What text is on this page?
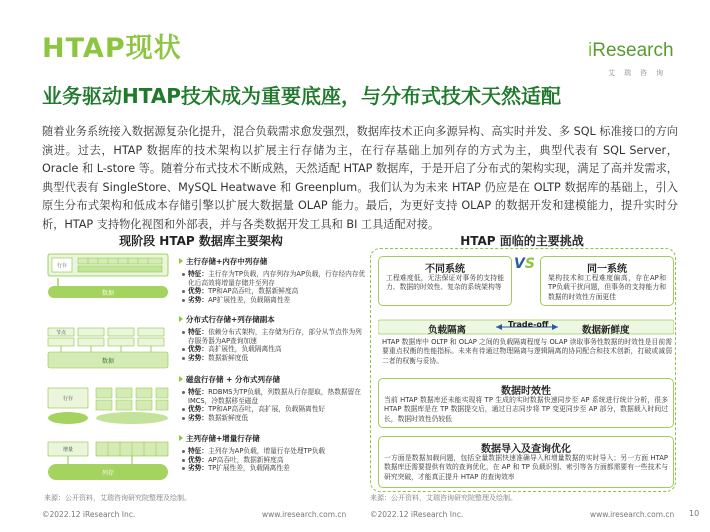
HTAP现状
业务驱动HTAP技术成为重要底座，与分布式技术天然适配
iResearch
艾瑞咨询
随着业务系统接入数据源复杂化提升，混合负载需求愈发强烈，数据库技术正向多源异构、高实时并发、多 SQL 标准接口的方向演进。过去，HTAP 数据库的技术架构以扩展主行存储为主，在行存基础上加列存的方式为主，典型代表有 SQL Server，Oracle 和 L-store 等。随着分布式技术不断成熟，天然适配 HTAP 数据库，于是开启了分布式的架构实现，满足了高并发需求，典型代表有 SingleStore、MySQL Heatwave 和 Greenplum。我们认为为未来 HTAP 仍应是在 OLTP 数据库的基础上，引入原生分布式架构和低成本存储引擎以扩展大数据量 OLAP 能力。最后，为更好支持 OLAP 的数据开发和建模能力，提升实时分析，HTAP 支持物化视图和外部表，并与各类数据开发工具和 BI 工具适配对接。
现阶段 HTAP 数据库主要架构
数据
行存
节点
数据
行存
增量
列存
主行存储+内存中列存储
特征：主行存为TP负载，内存列存为AP负载，行存经内存优化后高效将增量存储并至列存
优势：TP和AP高吞吐，数据新鲜度高
劣势：AP扩展性差，负载隔离性差
分布式行存储+列存储副本
特征：依赖分布式架构，主存储为行存，部分从节点作为列存服务器为AP查询加速
优势：高扩展性，负载隔离性高
劣势：数据新鲜度低
磁盘行存储 + 分布式列存储
特征：RDBMS为TP负载，列数据从行存提取，热数据留在 IMCS，冷数据移至磁盘
优势：TP和AP高吞吐，高扩展，负载隔离性好
劣势：数据新鲜度低
主列存储+增量行存储
特征：主列存为AP负载，增量行存处理TP负载
优势：AP高吞吐，数据新鲜度高
劣势：TP扩展性差，负载隔离性差
来源：公开资料，艾瑞咨询研究院整理及绘制。
HTAP 面临的主要挑战
不同系统
工程难度低，无法保证对事务的支持能力、数据的时效性、复杂的系统架构等
VS	同一系统
架构技术和工程难度偏高，存在AP和TP负载干扰问题，但事务的支持能力和数据的时效性方面更佳
负载隔离
Trade-off
数据新鲜度
HTAP 数据库中 OLTP 和 OLAP 之间的负载隔离程度与 OLAP 读取事务性数据的时效性是目前需要重点权衡的性能指标。未来有待通过物理隔离与逻辑隔离的协同配合和技术创新，打破或减弱二者的权衡与妥协。
数据时效性
当前 HTAP 数据库还未能实现将 TP 生成的实时数据快速同步至 AP 系统进行统计分析，很多 HTAP 数据库是在 TP 数据提交后，通过日志同步将 TP 变更同步至 AP 部分，数据载入时间过长，数据时效性仍较低
数据导入及查询优化
一方面是数据加载问题，包括全量数据快速准确导入和增量数据的实时导入；另一方面 HTAP 数据库还需要提供有效的查询优化，在 AP 和 TP 负载识别、索引等各方面都需要有一些技术与研究突破，才能真正提升 HTAP 的查询效率
来源：公开资料，艾瑞咨询研究院整理及绘制。
©2022.12 iResearch Inc.	www.iresearch.com.cn	©2022.12 iResearch Inc.	www.iresearch.com.cn 10
